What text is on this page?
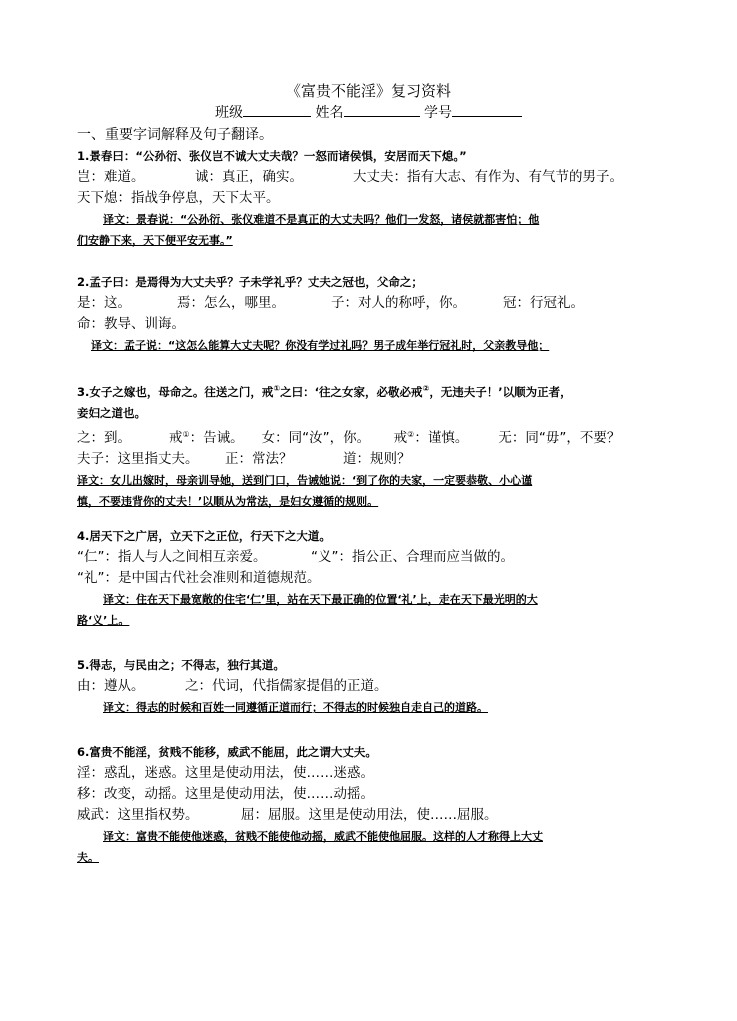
《富贵不能淫》复习资料
班级	姓名	学号
一、重要字词解释及句子翻译。
1.景春曰：“公孙衍、张仪岂不诚大丈夫哉？一怒而诸侯惧，安居而天下熄。”
岂：难道。	诚：真正，确实。	大丈夫：指有大志、有作为、有气节的男子。
天下熄：指战争停息，天下太平。
译文：景春说：“公孙衍、张仪难道不是真正的大丈夫吗？他们一发怒，诸侯就都害怕；他
们安静下来，天下便平安无事。”
2.孟子曰：是焉得为大丈夫乎？子未学礼乎？丈夫之冠也，父命之；
是：这。	焉：怎么，哪里。	子：对人的称呼，你。	冠：行冠礼。
命：教导、训诲。
译文：孟子说：“这怎么能算大丈夫呢？你没有学过礼吗？男子成年举行冠礼时，父亲教导他；
3.女子之嫁也，母命之。往送之门，戒①之曰：‘往之女家，必敬必戒②，无违夫子！’以顺为正者，
妾妇之道也。
之：到。	戒①：告诫。 女：同“汝”，你。 戒②：谨慎。 无：同“毋”，不要？
夫子：这里指丈夫。 正：常法？	道：规则？
译文：女儿出嫁时，母亲训导她，送到门口，告诫她说：‘到了你的夫家，一定要恭敬、小心谨
慎，不要违背你的丈夫！’以顺从为常法，是妇女遵循的规则。
4.居天下之广居，立天下之正位，行天下之大道。
“仁”：指人与人之间相互亲爱。	“义”：指公正、合理而应当做的。
“礼”：是中国古代社会准则和道德规范。
译文：住在天下最宽敞的住宅‘仁’里，站在天下最正确的位置‘礼’上，走在天下最光明的大
路‘义’上。
5.得志，与民由之；不得志，独行其道。
由：遵从。	之：代词，代指儒家提倡的正道。
译文：得志的时候和百姓一同遵循正道而行；不得志的时候独自走自己的道路。
6.富贵不能淫，贫贱不能移，威武不能屈，此之谓大丈夫。
淫：惑乱，迷惑。这里是使动用法，使……迷惑。
移：改变，动摇。这里是使动用法，使……动摇。
威武：这里指权势。	屈：屈服。这里是使动用法，使……屈服。
译文：富贵不能使他迷惑，贫贱不能使他动摇，威武不能使他屈服。这样的人才称得上大丈
夫。
